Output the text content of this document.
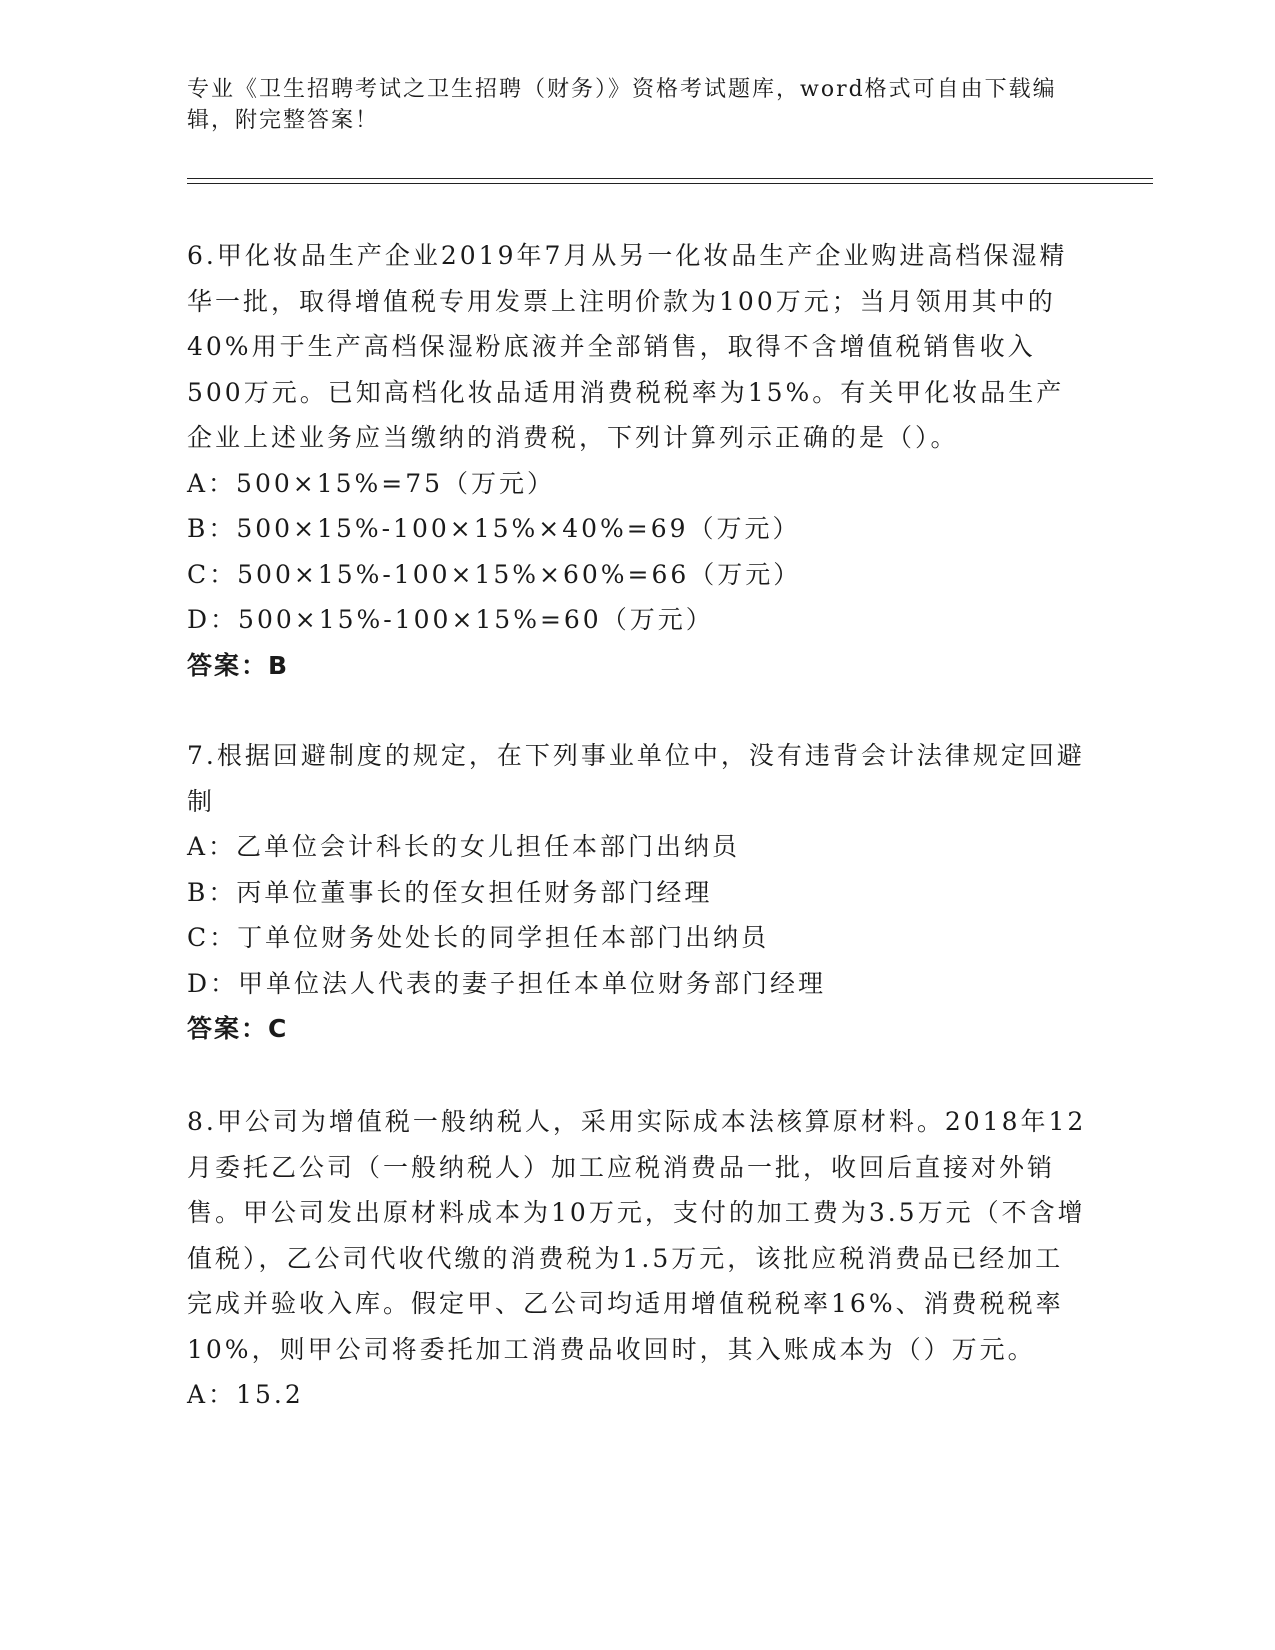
专业《卫生招聘考试之卫生招聘（财务）》资格考试题库，word格式可自由下载编辑，附完整答案！

6.甲化妆品生产企业2019年7月从另一化妆品生产企业购进高档保湿精华一批，取得增值税专用发票上注明价款为100万元；当月领用其中的40%用于生产高档保湿粉底液并全部销售，取得不含增值税销售收入500万元。已知高档化妆品适用消费税税率为15%。有关甲化妆品生产企业上述业务应当缴纳的消费税，下列计算列示正确的是（）。

A：500×15%=75（万元）

B：500×15%-100×15%×40%=69（万元）

C：500×15%-100×15%×60%=66（万元）

D：500×15%-100×15%=60（万元）

答案：B

7.根据回避制度的规定，在下列事业单位中，没有违背会计法律规定回避制

A：乙单位会计科长的女儿担任本部门出纳员

B：丙单位董事长的侄女担任财务部门经理

C：丁单位财务处处长的同学担任本部门出纳员

D：甲单位法人代表的妻子担任本单位财务部门经理

答案：C

8.甲公司为增值税一般纳税人，采用实际成本法核算原材料。2018年12月委托乙公司（一般纳税人）加工应税消费品一批，收回后直接对外销售。甲公司发出原材料成本为10万元，支付的加工费为3.5万元（不含增值税），乙公司代收代缴的消费税为1.5万元，该批应税消费品已经加工完成并验收入库。假定甲、乙公司均适用增值税税率16%、消费税税率10%，则甲公司将委托加工消费品收回时，其入账成本为（）万元。

A：15.2
